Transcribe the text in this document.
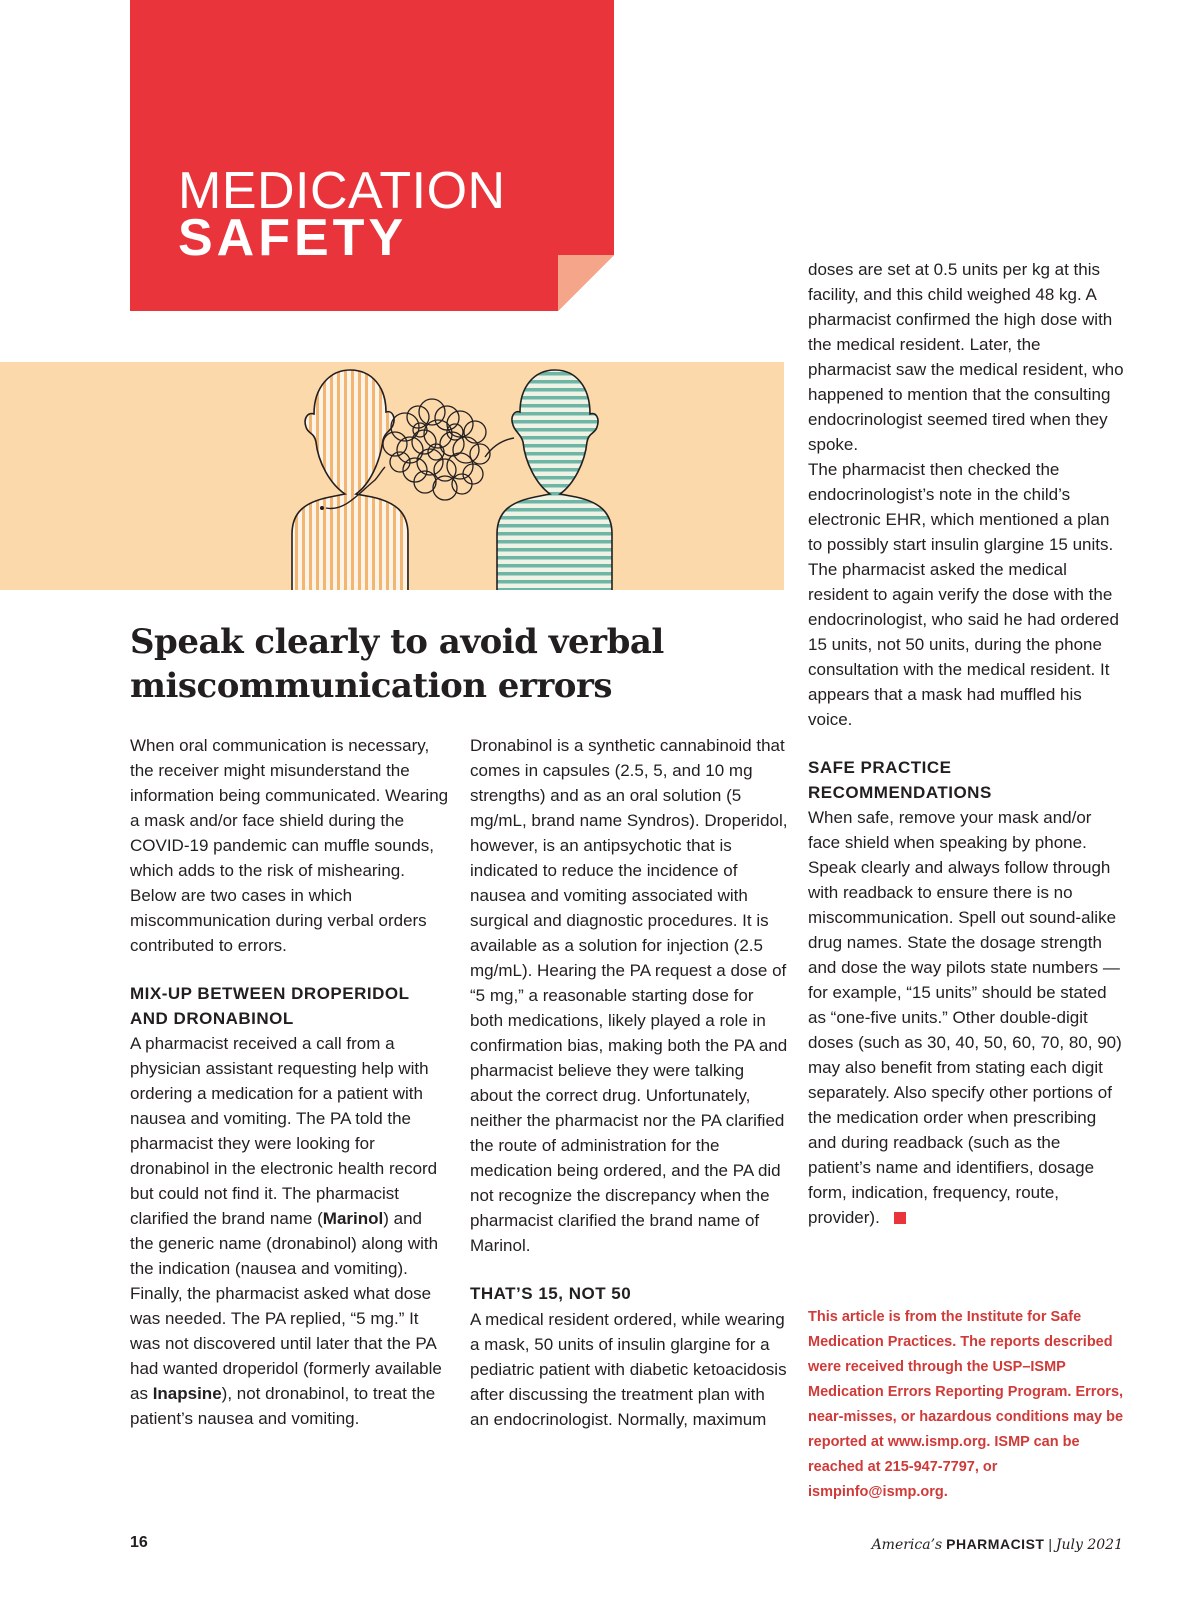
MEDICATION
SAFETY
Speak clearly to avoid verbal
miscommunication errors

When oral communication is necessary, the receiver might misunderstand the information being communicated. Wearing a mask and/or face shield during the COVID-19 pandemic can muffle sounds, which adds to the risk of mishearing. Below are two cases in which miscommunication during verbal orders contributed to errors.

MIX-UP BETWEEN DROPERIDOL
AND DRONABINOL

A pharmacist received a call from a physician assistant requesting help with ordering a medication for a patient with nausea and vomiting. The PA told the pharmacist they were looking for dronabinol in the electronic health record but could not find it. The pharmacist clarified the brand name (Marinol) and the generic name (dronabinol) along with the indication (nausea and vomiting). Finally, the pharmacist asked what dose was needed. The PA replied, “5 mg.” It was not discovered until later that the PA had wanted droperidol (formerly available as Inapsine), not dronabinol, to treat the patient’s nausea and vomiting.

Dronabinol is a synthetic cannabinoid that comes in capsules (2.5, 5, and 10 mg strengths) and as an oral solution (5 mg/mL, brand name Syndros). Droperidol, however, is an antipsychotic that is indicated to reduce the incidence of nausea and vomiting associated with surgical and diagnostic procedures. It is available as a solution for injection (2.5 mg/mL). Hearing the PA request a dose of “5 mg,” a reasonable starting dose for both medications, likely played a role in confirmation bias, making both the PA and pharmacist believe they were talking about the correct drug. Unfortunately, neither the pharmacist nor the PA clarified the route of administration for the medication being ordered, and the PA did not recognize the discrepancy when the pharmacist clarified the brand name of Marinol.

THAT’S 15, NOT 50

A medical resident ordered, while wearing a mask, 50 units of insulin glargine for a pediatric patient with diabetic ketoacidosis after discussing the treatment plan with an endocrinologist. Normally, maximum

doses are set at 0.5 units per kg at this facility, and this child weighed 48 kg. A pharmacist confirmed the high dose with the medical resident. Later, the pharmacist saw the medical resident, who happened to mention that the consulting endocrinologist seemed tired when they spoke.

The pharmacist then checked the endocrinologist’s note in the child’s electronic EHR, which mentioned a plan to possibly start insulin glargine 15 units. The pharmacist asked the medical resident to again verify the dose with the endocrinologist, who said he had ordered 15 units, not 50 units, during the phone consultation with the medical resident. It appears that a mask had muffled his voice.

SAFE PRACTICE
RECOMMENDATIONS

When safe, remove your mask and/or face shield when speaking by phone. Speak clearly and always follow through with readback to ensure there is no miscommunication. Spell out sound-alike drug names. State the dosage strength and dose the way pilots state numbers — for example, “15 units” should be stated as “one-five units.” Other double-digit doses (such as 30, 40, 50, 60, 70, 80, 90) may also benefit from stating each digit separately. Also specify other portions of the medication order when prescribing and during readback (such as the patient’s name and identifiers, dosage form, indication, frequency, route, provider).

This article is from the Institute for Safe Medication Practices. The reports described were received through the USP–ISMP Medication Errors Reporting Program. Errors, near-misses, or hazardous conditions may be reported at www.ismp.org. ISMP can be reached at 215-947-7797, or ismpinfo@ismp.org.

16	America’s PHARMACIST | July 2021
